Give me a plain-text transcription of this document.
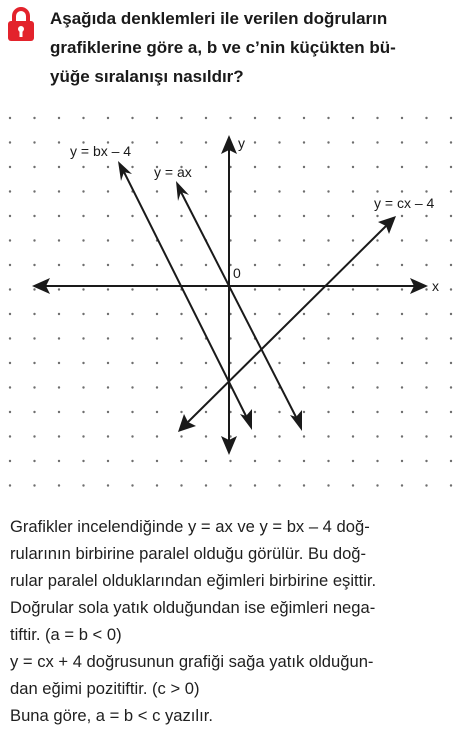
Aşağıda denklemleri ile verilen doğruların
grafiklerine göre a, b ve c’nin küçükten bü-
yüğe sıralanışı nasıldır?

x
y
0
y = bx – 4
y = ax
y = cx – 4

Grafikler incelendiğinde y = ax ve y = bx – 4 doğ-
rularının birbirine paralel olduğu görülür. Bu doğ-
rular paralel olduklarından eğimleri birbirine eşittir.
Doğrular sola yatık olduğundan ise eğimleri nega-
tiftir. (a = b < 0)

y = cx + 4 doğrusunun grafiği sağa yatık olduğun-
dan eğimi pozitiftir. (c > 0)

Buna göre, a = b < c yazılır.
